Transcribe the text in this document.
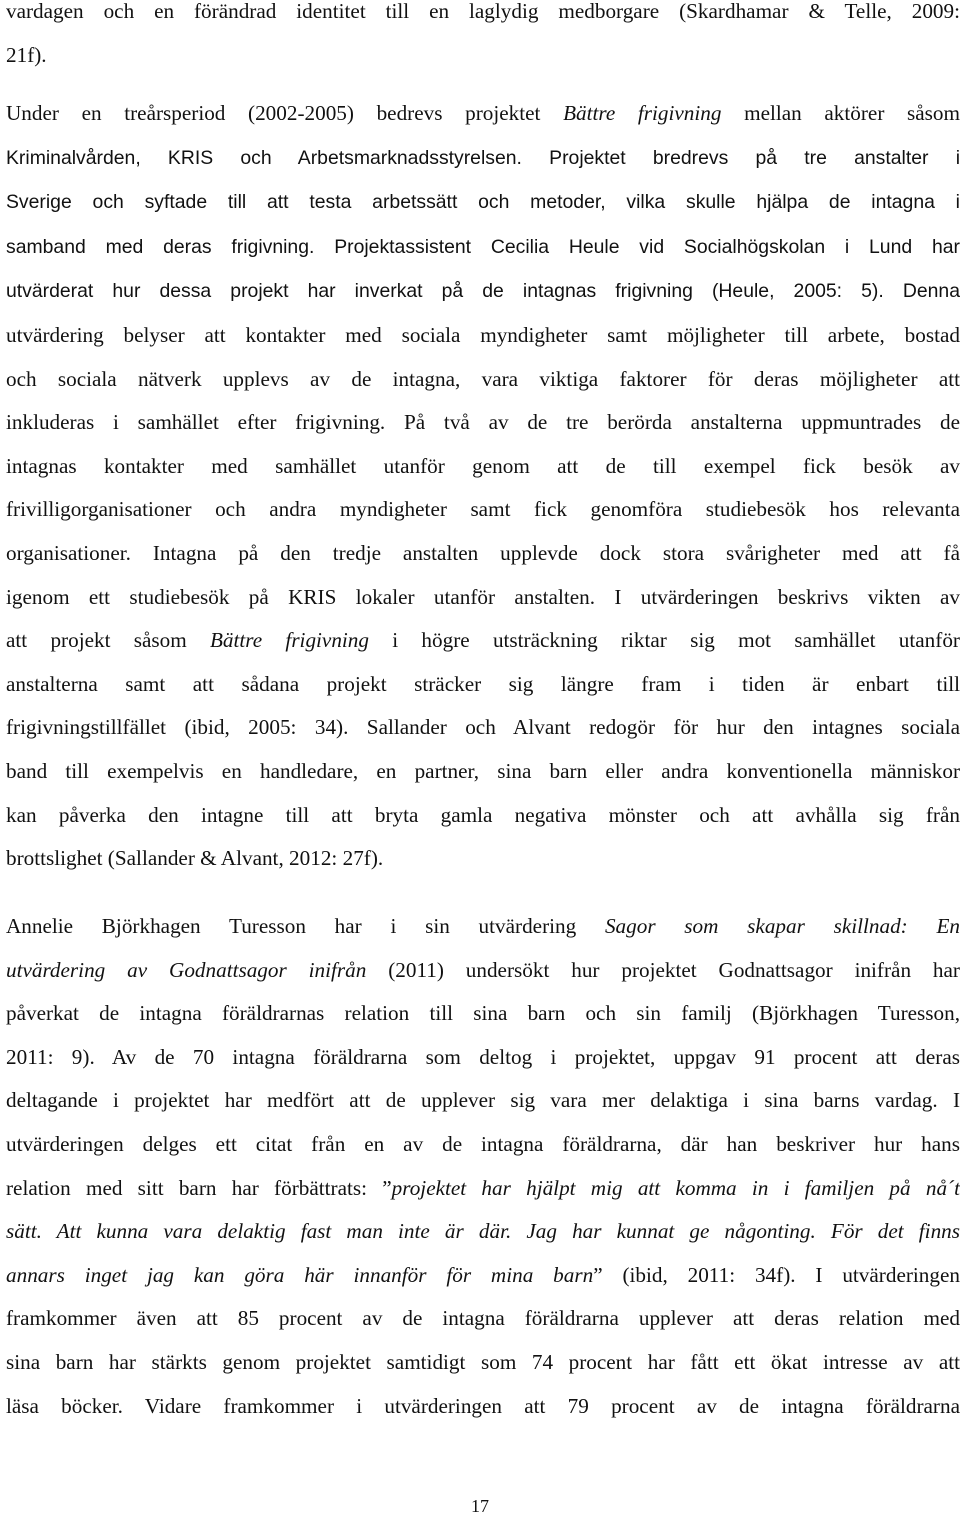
vardagen och en förändrad identitet till en laglydig medborgare (Skardhamar & Telle, 2009:
21f).
Under en treårsperiod (2002-2005) bedrevs projektet Bättre frigivning mellan aktörer såsom
Kriminalvården, KRIS och Arbetsmarknadsstyrelsen. Projektet bredrevs på tre anstalter i
Sverige och syftade till att testa arbetssätt och metoder, vilka skulle hjälpa de intagna i
samband med deras frigivning. Projektassistent Cecilia Heule vid Socialhögskolan i Lund har
utvärderat hur dessa projekt har inverkat på de intagnas frigivning (Heule, 2005: 5). Denna
utvärdering belyser att kontakter med sociala myndigheter samt möjligheter till arbete, bostad
och sociala nätverk upplevs av de intagna, vara viktiga faktorer för deras möjligheter att
inkluderas i samhället efter frigivning. På två av de tre berörda anstalterna uppmuntrades de
intagnas kontakter med samhället utanför genom att de till exempel fick besök av
frivilligorganisationer och andra myndigheter samt fick genomföra studiebesök hos relevanta
organisationer. Intagna på den tredje anstalten upplevde dock stora svårigheter med att få
igenom ett studiebesök på KRIS lokaler utanför anstalten. I utvärderingen beskrivs vikten av
att projekt såsom Bättre frigivning i högre utsträckning riktar sig mot samhället utanför
anstalterna samt att sådana projekt sträcker sig längre fram i tiden är enbart till
frigivningstillfället (ibid, 2005: 34). Sallander och Alvant redogör för hur den intagnes sociala
band till exempelvis en handledare, en partner, sina barn eller andra konventionella människor
kan påverka den intagne till att bryta gamla negativa mönster och att avhålla sig från
brottslighet (Sallander & Alvant, 2012: 27f).
Annelie Björkhagen Turesson har i sin utvärdering Sagor som skapar skillnad: En
utvärdering av Godnattsagor inifrån (2011) undersökt hur projektet Godnattsagor inifrån har
påverkat de intagna föräldrarnas relation till sina barn och sin familj (Björkhagen Turesson,
2011: 9). Av de 70 intagna föräldrarna som deltog i projektet, uppgav 91 procent att deras
deltagande i projektet har medfört att de upplever sig vara mer delaktiga i sina barns vardag. I
utvärderingen delges ett citat från en av de intagna föräldrarna, där han beskriver hur hans
relation med sitt barn har förbättrats: ”projektet har hjälpt mig att komma in i familjen på nå´t
sätt. Att kunna vara delaktig fast man inte är där. Jag har kunnat ge någonting. För det finns
annars inget jag kan göra här innanför för mina barn” (ibid, 2011: 34f). I utvärderingen
framkommer även att 85 procent av de intagna föräldrarna upplever att deras relation med
sina barn har stärkts genom projektet samtidigt som 74 procent har fått ett ökat intresse av att
läsa böcker. Vidare framkommer i utvärderingen att 79 procent av de intagna föräldrarna
17
